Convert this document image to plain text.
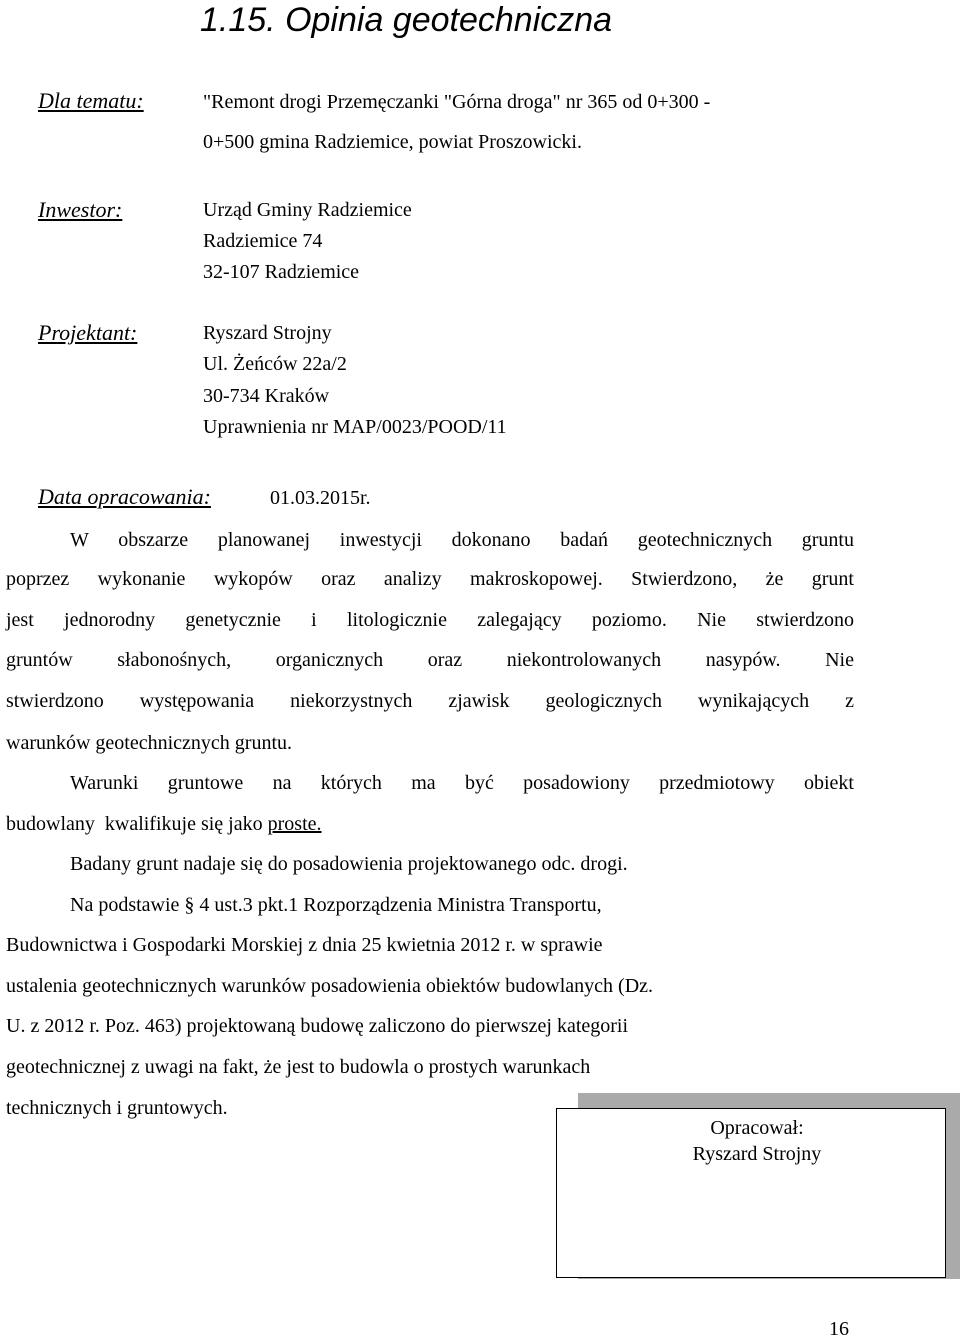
1.15. Opinia geotechniczna
Dla tematu:	"Remont drogi Przemęczanki "Górna droga" nr 365 od 0+300 -
0+500 gmina Radziemice, powiat Proszowicki.
Inwestor:	Urząd Gminy Radziemice
Radziemice 74
32-107 Radziemice
Projektant:	Ryszard Strojny
Ul. Żeńców 22a/2
30-734 Kraków
Uprawnienia nr MAP/0023/POOD/11
Data opracowania:	01.03.2015r.
W obszarze planowanej inwestycji dokonano badań geotechnicznych gruntu
poprzez wykonanie wykopów oraz analizy makroskopowej. Stwierdzono, że grunt
jest jednorodny genetycznie i litologicznie zalegający poziomo. Nie stwierdzono
gruntów słabonośnych, organicznych oraz niekontrolowanych nasypów. Nie
stwierdzono występowania niekorzystnych zjawisk geologicznych wynikających z
warunków geotechnicznych gruntu.
Warunki gruntowe na których ma być posadowiony przedmiotowy obiekt
budowlany  kwalifikuje się jako proste.
Badany grunt nadaje się do posadowienia projektowanego odc. drogi.
Na podstawie § 4 ust.3 pkt.1 Rozporządzenia Ministra Transportu,
Budownictwa i Gospodarki Morskiej z dnia 25 kwietnia 2012 r. w sprawie
ustalenia geotechnicznych warunków posadowienia obiektów budowlanych (Dz.
U. z 2012 r. Poz. 463) projektowaną budowę zaliczono do pierwszej kategorii
geotechnicznej z uwagi na fakt, że jest to budowla o prostych warunkach
technicznych i gruntowych.
Opracował:
Ryszard Strojny
16
